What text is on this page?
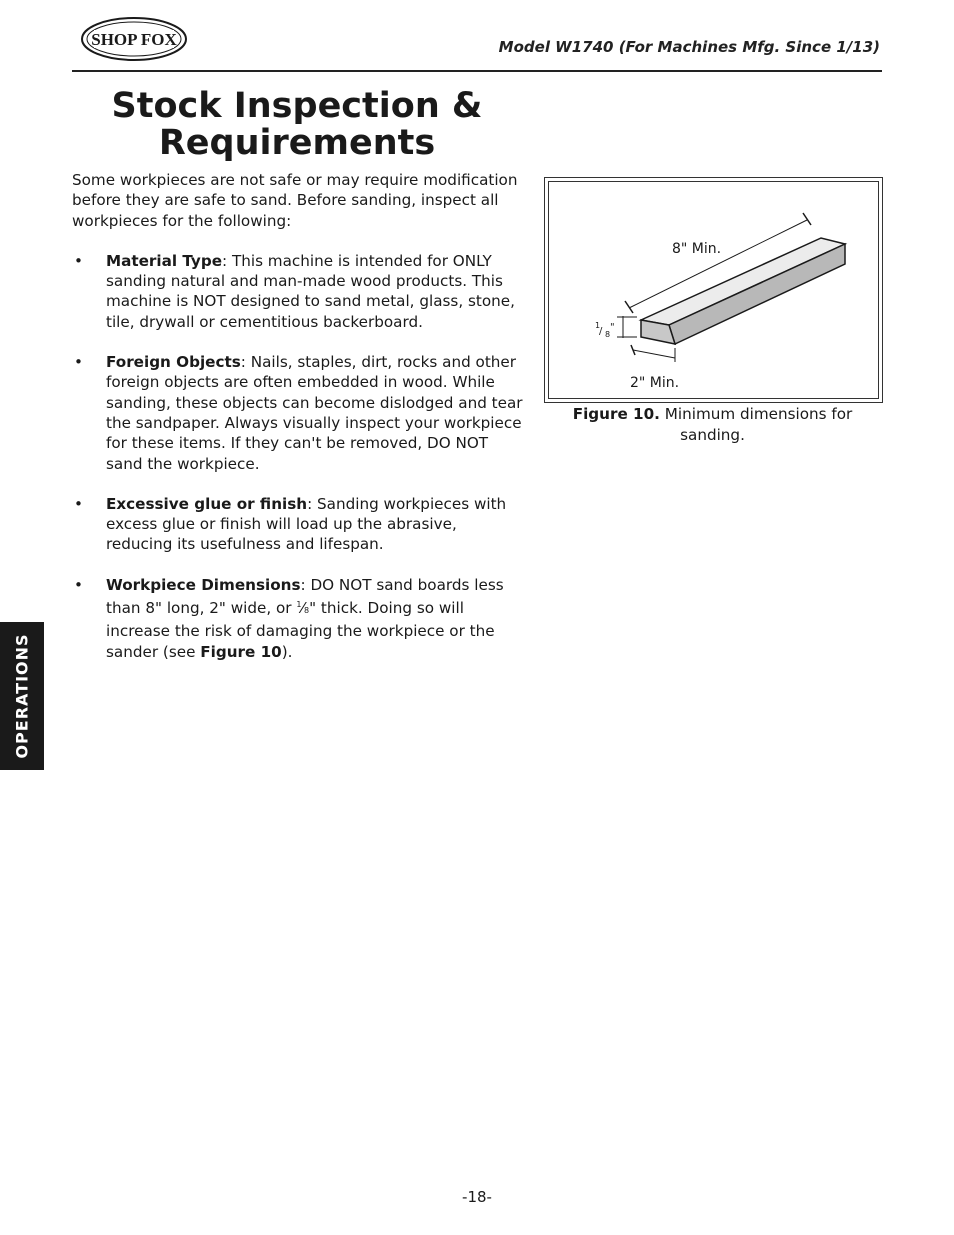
SHOP FOX	Model W1740 (For Machines Mfg. Since 1/13)
Stock Inspection &
Requirements

Some workpieces are not safe or may require modification before they are safe to sand. Before sanding, inspect all workpieces for the following:

• Material Type: This machine is intended for ONLY sanding natural and man-made wood products. This machine is NOT designed to sand metal, glass, stone, tile, drywall or cementitious backerboard.
• Foreign Objects: Nails, staples, dirt, rocks and other foreign objects are often embedded in wood. While sanding, these objects can become dislodged and tear the sandpaper. Always visually inspect your workpiece for these items. If they can't be removed, DO NOT sand the workpiece.
• Excessive glue or finish: Sanding workpieces with excess glue or finish will load up the abrasive, reducing its usefulness and lifespan.
• Workpiece Dimensions: DO NOT sand boards less than 8" long, 2" wide, or $^1$⁄8" thick. Doing so will increase the risk of damaging the workpiece or the sander (see Figure 10).
8" Min.
2" Min.
1
/ 8
"
Figure 10. Minimum dimensions for sanding.
OPERATIONS
-18-
